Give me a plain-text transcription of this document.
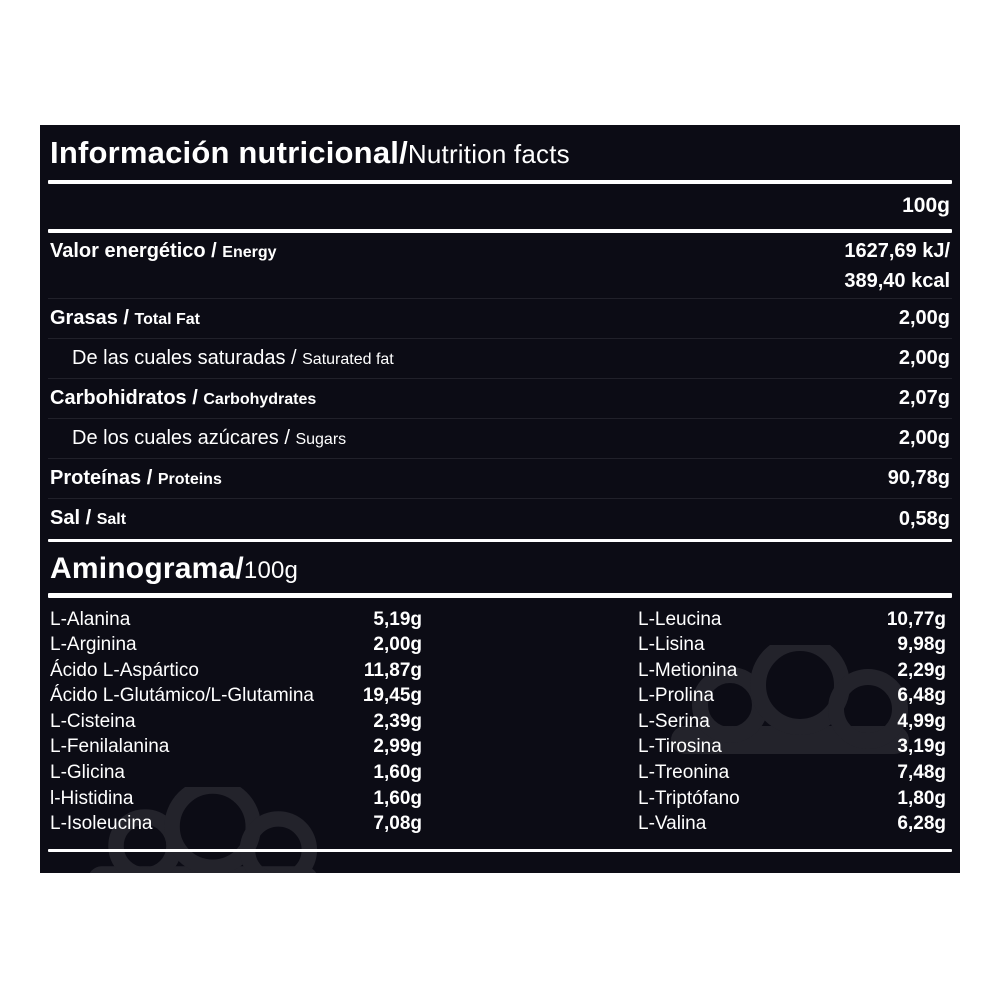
Información nutricional/Nutrition facts
100g
Valor energético / Energy	1627,69 kJ/
389,40 kcal
Grasas / Total Fat	2,00g
De las cuales saturadas / Saturated fat	2,00g
Carbohidratos / Carbohydrates	2,07g
De los cuales azúcares / Sugars	2,00g
Proteínas / Proteins	90,78g
Sal / Salt	0,58g
Aminograma/100g
L-Alanina	5,19g
L-Arginina	2,00g
Ácido L-Aspártico	11,87g
Ácido L-Glutámico/L-Glutamina	19,45g
L-Cisteina	2,39g
L-Fenilalanina	2,99g
L-Glicina	1,60g
l-Histidina	1,60g
L-Isoleucina	7,08g
L-Leucina	10,77g
L-Lisina	9,98g
L-Metionina	2,29g
L-Prolina	6,48g
L-Serina	4,99g
L-Tirosina	3,19g
L-Treonina	7,48g
L-Triptófano	1,80g
L-Valina	6,28g
